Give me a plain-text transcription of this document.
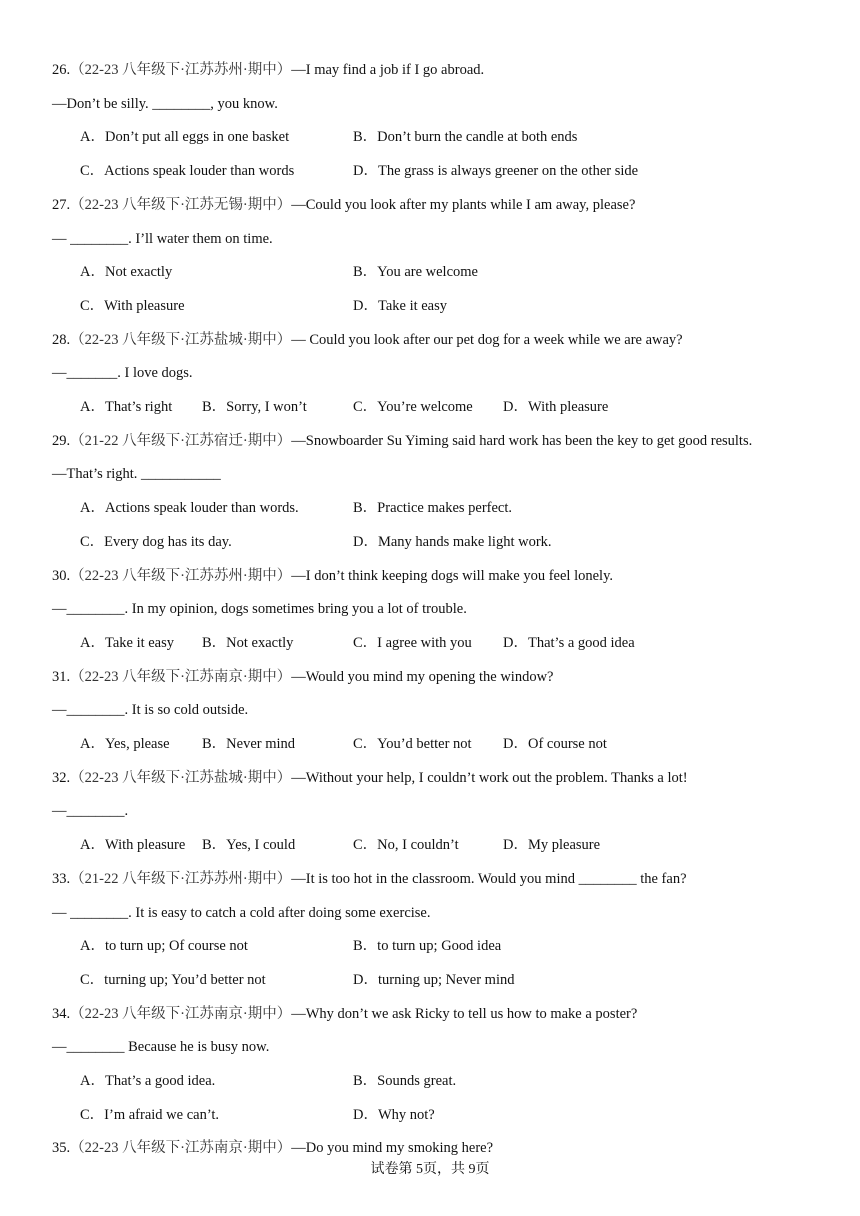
26.（22-23 八年级下·江苏苏州·期中）—I may find a job if I go abroad.
—Don’t be silly. ________, you know.
A．Don’t put all eggs in one basket	B．Don’t burn the candle at both ends
C．Actions speak louder than words	D．The grass is always greener on the other side
27.（22-23 八年级下·江苏无锡·期中）—Could you look after my plants while I am away, please?
— ________. I’ll water them on time.
A．Not exactly	B．You are welcome
C．With pleasure	D．Take it easy
28.（22-23 八年级下·江苏盐城·期中）— Could you look after our pet dog for a week while we are away?
—_______. I love dogs.
A．That’s right B．Sorry, I won’t	C．You’re welcome D．With pleasure
29.（21-22 八年级下·江苏宿迁·期中）—Snowboarder Su Yiming said hard work has been the key to get good results.
—That’s right. ___________
A．Actions speak louder than words.	B．Practice makes perfect.
C．Every dog has its day.	D．Many hands make light work.
30.（22-23 八年级下·江苏苏州·期中）—I don’t think keeping dogs will make you feel lonely.
—________. In my opinion, dogs sometimes bring you a lot of trouble.
A．Take it easy B．Not exactly	C．I agree with you D．That’s a good idea
31.（22-23 八年级下·江苏南京·期中）—Would you mind my opening the window?
—________. It is so cold outside.
A．Yes, please B．Never mind	C．You’d better not D．Of course not
32.（22-23 八年级下·江苏盐城·期中）—Without your help, I couldn’t work out the problem. Thanks a lot!
—________.
A．With pleasure B．Yes, I could	C．No, I couldn’t	D．My pleasure
33.（21-22 八年级下·江苏苏州·期中）—It is too hot in the classroom. Would you mind ________ the fan?
— ________. It is easy to catch a cold after doing some exercise.
A．to turn up; Of course not	B．to turn up; Good idea
C．turning up; You’d better not	D．turning up; Never mind
34.（22-23 八年级下·江苏南京·期中）—Why don’t we ask Ricky to tell us how to make a poster?
—________ Because he is busy now.
A．That’s a good idea.	B．Sounds great.
C．I’m afraid we can’t.	D．Why not?
35.（22-23 八年级下·江苏南京·期中）—Do you mind my smoking here?
试卷第 5页，共 9页
